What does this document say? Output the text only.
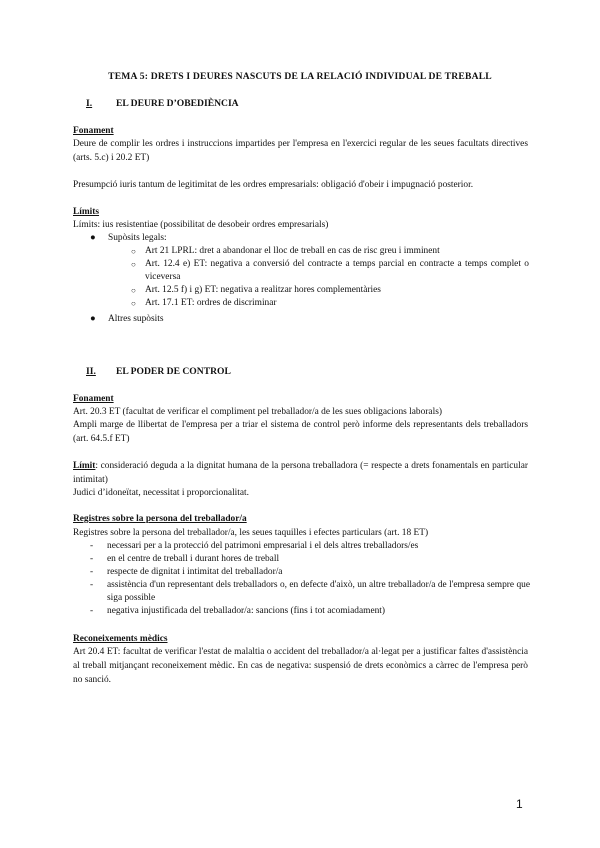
TEMA 5: DRETS I DEURES NASCUTS DE LA RELACIÓ INDIVIDUAL DE TREBALL
I. EL DEURE D’OBEDIÈNCIA
Fonament
Deure de complir les ordres i instruccions impartides per l'empresa en l'exercici regular de les seues facultats directives (arts. 5.c) i 20.2 ET)
Presumpció iuris tantum de legitimitat de les ordres empresarials: obligació d'obeir i impugnació posterior.
Límits
Límits: ius resistentiae (possibilitat de desobeir ordres empresarials)
● Supòsits legals:
○ Art 21 LPRL: dret a abandonar el lloc de treball en cas de risc greu i imminent
○ Art. 12.4 e) ET: negativa a conversió del contracte a temps parcial en contracte a temps complet o viceversa
○ Art. 12.5 f) i g) ET: negativa a realitzar hores complementàries
○ Art. 17.1 ET: ordres de discriminar
● Altres supòsits
II. EL PODER DE CONTROL
Fonament
Art. 20.3 ET (facultat de verificar el compliment pel treballador/a de les sues obligacions laborals)
Ampli marge de llibertat de l'empresa per a triar el sistema de control però informe dels representants dels treballadors (art. 64.5.f ET)
Límit: consideració deguda a la dignitat humana de la persona treballadora (= respecte a drets fonamentals en particular intimitat)
Judici d’idoneïtat, necessitat i proporcionalitat.
Registres sobre la persona del treballador/a
Registres sobre la persona del treballador/a, les seues taquilles i efectes particulars (art. 18 ET)
- necessari per a la protecció del patrimoni empresarial i el dels altres treballadors/es
- en el centre de treball i durant hores de treball
- respecte de dignitat i intimitat del treballador/a
- assistència d'un representant dels treballadors o, en defecte d'això, un altre treballador/a de l'empresa sempre que siga possible
- negativa injustificada del treballador/a: sancions (fins i tot acomiadament)
Reconeixements mèdics
Art 20.4 ET: facultat de verificar l'estat de malaltia o accident del treballador/a al·legat per a justificar faltes d'assistència al treball mitjançant reconeixement mèdic. En cas de negativa: suspensió de drets econòmics a càrrec de l'empresa però no sanció.
1
